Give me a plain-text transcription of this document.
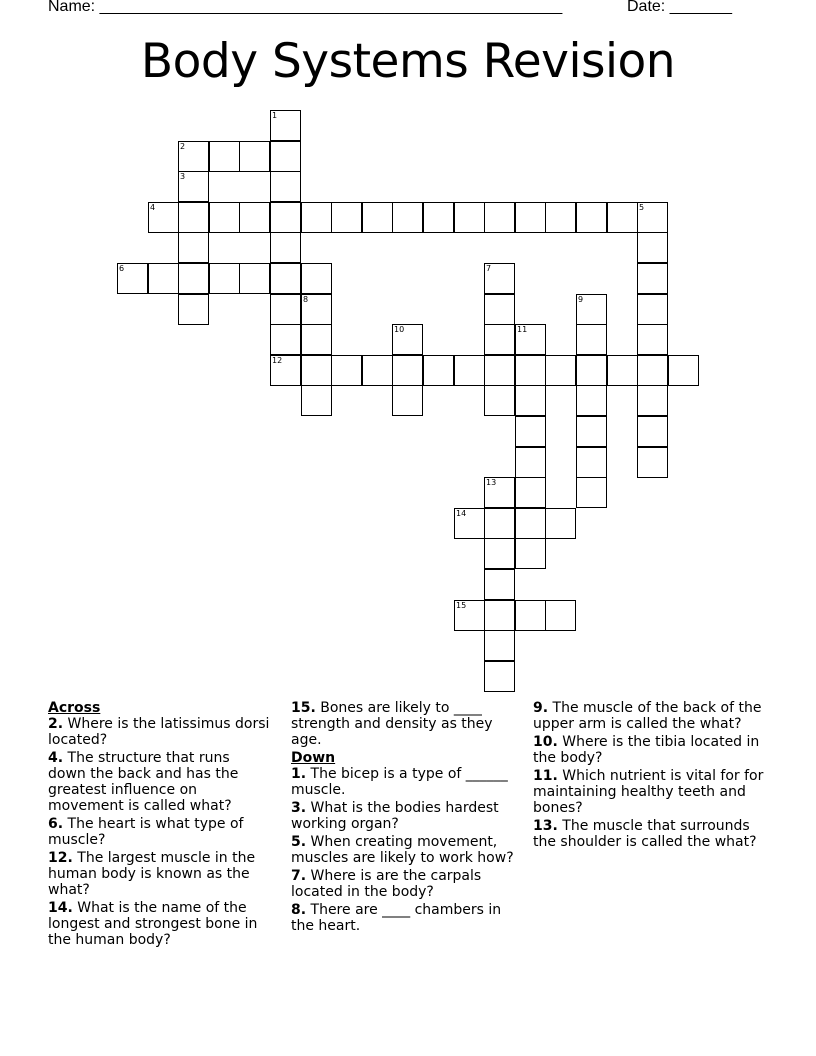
Name: ____________________________________________________	Date: _______
Body Systems Revision
1
2
3
4	5
6	7
8	9
10	11
12
13
14
15
Across
2. Where is the latissimus dorsi located?
4. The structure that runs down the back and has the greatest influence on movement is called what?
6. The heart is what type of muscle?
12. The largest muscle in the human body is known as the what?
14. What is the name of the longest and strongest bone in the human body?
15. Bones are likely to ____ strength and density as they age.
Down
1. The bicep is a type of ______ muscle.
3. What is the bodies hardest working organ?
5. When creating movement, muscles are likely to work how?
7. Where is are the carpals located in the body?
8. There are ____ chambers in the heart.
9. The muscle of the back of the upper arm is called the what?
10. Where is the tibia located in the body?
11. Which nutrient is vital for for maintaining healthy teeth and bones?
13. The muscle that surrounds the shoulder is called the what?
